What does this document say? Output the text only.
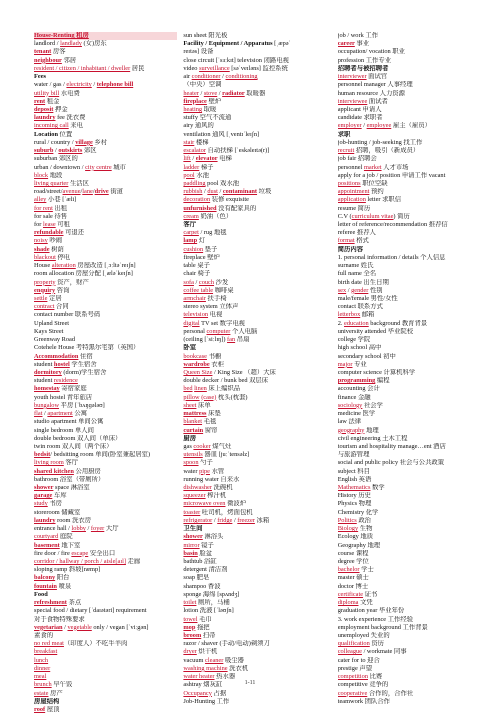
House-Renting 租房
landlord / landlady (女)房东
tenant 房客
neighbour 邻居
resident / citizen / inhabitant / dweller 居民
Fees
water / gas / electricity / telephone bill
utility bill 水电费
rent 租金
deposit 押金
laundry fee 洗衣费
incoming call 来电
Location 位置
rural / country / village 乡村
suburb / outskirts 郊区
suburban 郊区的
urban / downtown / city centre 城市
block 地段
living quarter 生活区
road/street/avenue/lane/drive 街道
alley 小巷 [ˈæli]
for rent 出租
for sale 待售
for lease 可租
refundable 可退还
noisy 吵闹
shade 树荫
blackout 停电
House alteration 房屋改造 [ˌɔːltəˈreɪʃn]
room allocation 房屋分配 [ˌæləˈkeɪʃn]
property 资产，财产
enquiry 咨询
settle 定居
contract 合同
contact number 联系号码
Upland Street
Kays Street
Greenway Road
Cotehele House 考特黑尔宅第（英国）
Accommodation 住宿
student hostel 学生宿舍
dormitory (dorm)学生宿舍
student residence
homestay 寄宿家庭
youth hostel 青年旅店
bungalow 平房 [ˈbʌŋɡələʊ]
flat / apartment 公寓
studio apartment 单间公寓
single bedroom 单人间
double bedroom 双人间（单床）
twin room 双人间（两个床）
bedsit/ bedsitting room 单间(卧室兼起居室)
living room 客厅
shared kitchen 公用厨房
bathroom 浴室（带厕所）
shower space 淋浴室
garage 车库
study 书房
storeroom 储藏室
laundry room 洗衣房
entrance hall / lobby / foyer 大厅
courtyard 庭院
basement 地下室
fire door / fire escape 安全出口
corridor / hallway / porch / aisle[aɪl] 走廊
sloping ramp 斜坡[ræmp]
balcony 阳台
fountain 喷泉
Food
refreshment 茶点
special food / dietary [ˈdaɪətəri] requirement
对于食物特殊要求
vegetarian / vegetable only / vegan [ˈviːgən]
素食的
no red meat（印度人）不吃牛羊肉
breakfast
lunch
dinner
meal
brunch 早午饭
estate 房产
房屋结构
roof 屋顶
sun sheet 阳光板
Facility / Equipment / Apparatus [ˌæpəˈ
reɪtəs] 设备
close circuit [ˈsɜːkɪt] television 闭路电视
video surveillance [səˈveɪləns] 监控系统
air conditioner / conditioning
（中央）空调
heater / stove / radiator 取暖器
fireplace 壁炉
heating 取暖
stuffy 空气不流通
airy 通风的
ventilation 通风 [ˌventɪˈleɪʃn]
stair 楼梯
escalator 自动扶梯 [ˈeskəleɪtə(r)]
lift / elevator 电梯
ladder 梯子
pool 水池
paddling pool 戏水池
rubbish / dust / contaminant 垃圾
decoration 装修 exquisite
unfurnished 没有配家具的
cream 奶油（色）
客厅
carpet / rug 地毯
lamp 灯
cushion 垫子
fireplace 壁炉
table 桌子
chair 椅子
sofa / couch 沙发
coffee table 咖啡桌
armchair 扶手椅
stereo system 立体声
television 电视
digital TV set 数字电视
personal computer 个人电脑
(ceiling [ˈsiːlɪŋ]) fan 吊扇
卧室
bookcase 书橱
wardrobe 衣柜
Queen Size / King Size （超）大床
double decker / bunk bed 双层床
bed linen 床上编织品
pillow (case) 枕头(枕套)
sheet 床单
mattress 床垫
blanket 毛毯
curtain 窗帘
厨房
gas cooker 煤气灶
utensils 器皿 [juːˈtensəlz]
spoon 勺子
water pipe 水管
running water 自来水
dishwasher 洗碗机
squeezer 榨汁机
microwave oven 微波炉
toaster 吐司机，烤面包机
refrigerator / fridge / freezer 冰箱
卫生间
shower 淋浴头
mirror 镜子
basin 脸盆
bathtub 浴缸
detergent 清洁剂
soap 肥皂
shampoo 香波
sponge 海绵 [spʌndʒ]
toilet 厕所，马桶
lotion 洗液 [ˈləʊʃn]
towel 毛巾
mop 拖把
broom 扫帚
razor / shaver (手动/电动)剃须刀
dryer 烘干机
vacuum cleaner 吸尘器
washing machine 洗衣机
water heater 热水器
ashtray 烟灰缸
Occupancy 占据
Job-Hunting 工作
job / work 工作
career 事业
occupation/ vocation 职业
profession 工作专业
招聘者与被招聘者
interviewer 面试官
personnel manager 人事经理
human resource 人力资源
interviewee 面试者
applicant 申请人
candidate 求职者
employer / employee 雇主（雇员）
求职
job-hunting / job-seeking 找工作
recruit 招聘，吸引（新成员）
job fair 招聘会
personnel market 人才市场
apply for a job / position 申请工作 vacant
positions 职位空缺
appointment 预约
application letter 求职信
resume 简历
C.V (curriculum vitae) 简历
letter of reference/recommendation 推荐信
referee 推荐人
format 格式
简历内容
1. personal information / details 个人信息
surname 姓氏
full name 全名
birth date 出生日期
sex / gender 性别
male/female 男性/女性
contact 联系方式
letterbox 邮箱
2. education background 教育背景
university attended 毕业院校
college 学院
high school 高中
secondary school 初中
major 专业
computer science 计算机科学
programming 编程
accounting 会计
finance 金融
sociology 社会学
medicine 医学
law 法律
geography 地理
civil engineering 土木工程
tourism and hospitality manage…ent 酒店
与旅游管理
social and public policy 社会与公共政策
subject 科目
English 英语
Mathematics 数学
History 历史
Physics 物理
Chemistry 化学
Politics 政治
Biology 生物
Ecology 地质
Geography 地理
course 课程
degree 学位
bachelor 学士
master 硕士
doctor 博士
certificate 证书
diploma 文凭
graduation year 毕业年份
3. work experience 工作经验
employment background 工作背景
unemployed 失业的
qualification 资历
colleague / workmate 同事
cater for to 迎合
prestige 声望
competition 比赛
competitive 竞争的
cooperative 合作的，合作社
teamwork 团队合作
1-11
